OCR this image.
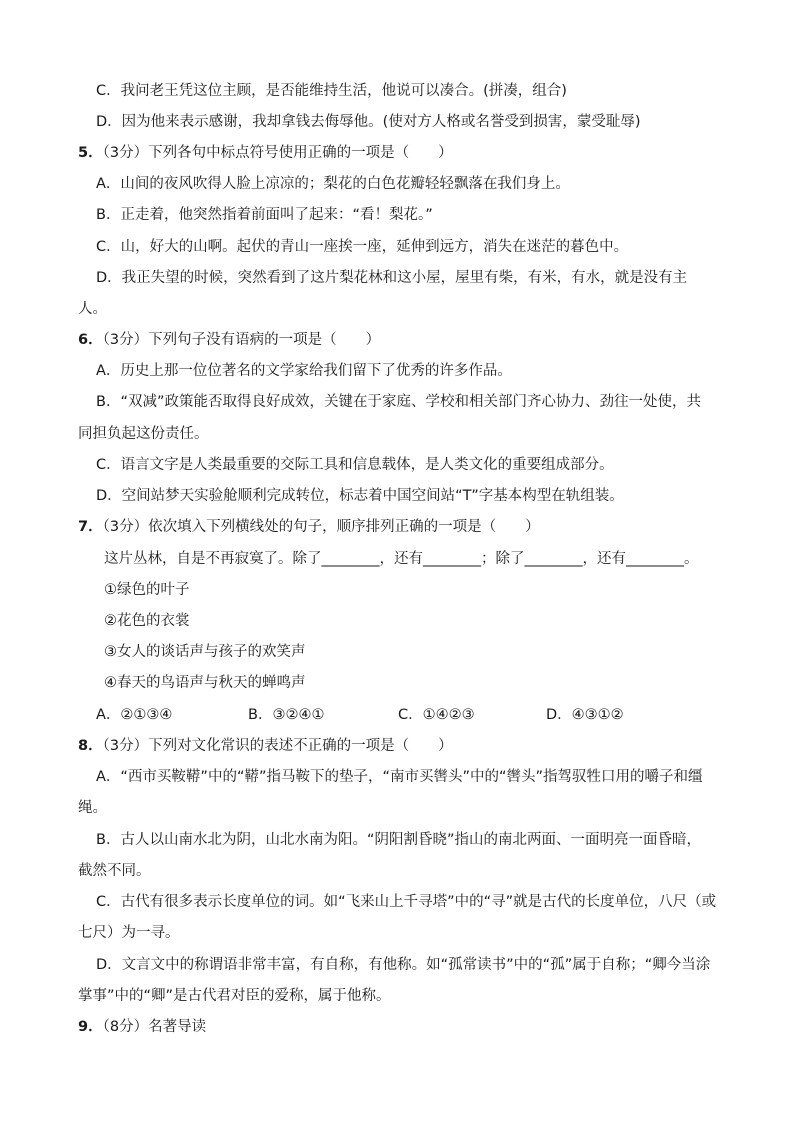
C．我问老王凭这位主顾，是否能维持生活，他说可以凑合。(拼凑，组合)
D．因为他来表示感谢，我却拿钱去侮辱他。(使对方人格或名誉受到损害，蒙受耻辱)
5．（3分）下列各句中标点符号使用正确的一项是（　　）
A．山间的夜风吹得人脸上凉凉的；梨花的白色花瓣轻轻飘落在我们身上。
B．正走着，他突然指着前面叫了起来：“看！梨花。”
C．山，好大的山啊。起伏的青山一座挨一座，延伸到远方，消失在迷茫的暮色中。
D．我正失望的时候，突然看到了这片梨花林和这小屋，屋里有柴，有米，有水，就是没有主
人。
6．（3分）下列句子没有语病的一项是（　　）
A．历史上那一位位著名的文学家给我们留下了优秀的许多作品。
B．“双减”政策能否取得良好成效，关键在于家庭、学校和相关部门齐心协力、劲往一处使，共
同担负起这份责任。
C．语言文字是人类最重要的交际工具和信息载体，是人类文化的重要组成部分。
D．空间站梦天实验舱顺利完成转位，标志着中国空间站“T”字基本构型在轨组装。
7．（3分）依次填入下列横线处的句子，顺序排列正确的一项是（　　）
这片丛林，自是不再寂寞了。除了________，还有________；除了________，还有________。
①绿色的叶子
②花色的衣裳
③女人的谈话声与孩子的欢笑声
④春天的鸟语声与秋天的蝉鸣声
A．②①③④	B．③②④①	C．①④②③	D．④③①②
8．（3分）下列对文化常识的表述不正确的一项是（　　）
A．“西市买鞍鞯”中的“鞯”指马鞍下的垫子，“南市买辔头”中的“辔头”指驾驭牲口用的嚼子和缰
绳。
B．古人以山南水北为阴，山北水南为阳。“阴阳割昏晓”指山的南北两面、一面明亮一面昏暗，
截然不同。
C．古代有很多表示长度单位的词。如“飞来山上千寻塔”中的“寻”就是古代的长度单位，八尺（或
七尺）为一寻。
D．文言文中的称谓语非常丰富，有自称，有他称。如“孤常读书”中的“孤”属于自称；“卿今当涂
掌事”中的“卿”是古代君对臣的爱称，属于他称。
9．（8分）名著导读
